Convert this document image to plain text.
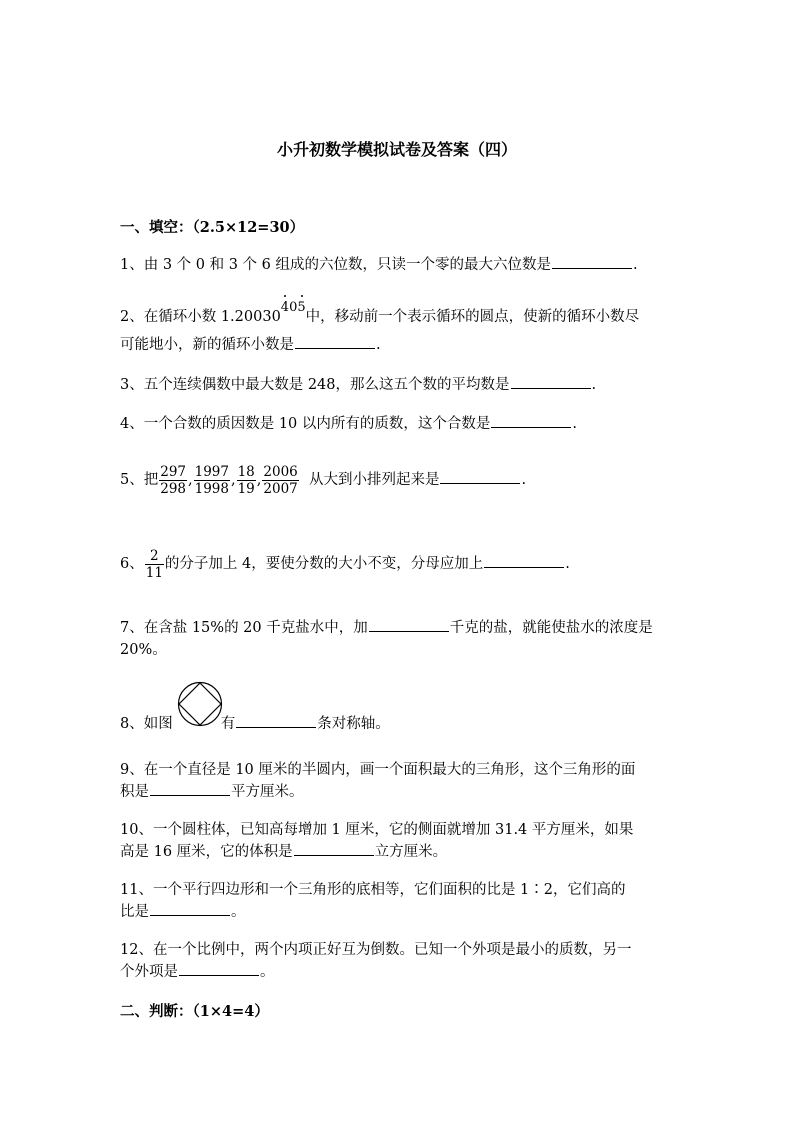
小升初数学模拟试卷及答案（四）
一、填空：（2.5×12=30）
1、由 3 个 0 和 3 个 6 组成的六位数，只读一个零的最大六位数是	.
2、在循环小数 1.20030405中，移动前一个表示循环的圆点，使新的循环小数尽
可能地小，新的循环小数是	.
3、五个连续偶数中最大数是 248，那么这五个数的平均数是	.
4、一个合数的质因数是 10 以内所有的质数，这个合数是	.
5、把 $\frac{297}{298}$ , $\frac{1997}{1998}$ , $\frac{18}{19}$ , $\frac{2006}{2007}$ 从大到小排列起来是	.
6、 $\frac{2}{11}$ 的分子加上 4，要使分数的大小不变，分母应加上	.
7、在含盐 15%的 20 千克盐水中，加	千克的盐，就能使盐水的浓度是
20%。
8、如图	有	条对称轴。
9、在一个直径是 10 厘米的半圆内，画一个面积最大的三角形，这个三角形的面
积是	平方厘米。
10、一个圆柱体，已知高每增加 1 厘米，它的侧面就增加 31.4 平方厘米，如果
高是 16 厘米，它的体积是	立方厘米。
11、一个平行四边形和一个三角形的底相等，它们面积的比是 1∶2，它们高的
比是	。
12、在一个比例中，两个内项正好互为倒数。已知一个外项是最小的质数，另一
个外项是	。
二、判断：（1×4=4）
